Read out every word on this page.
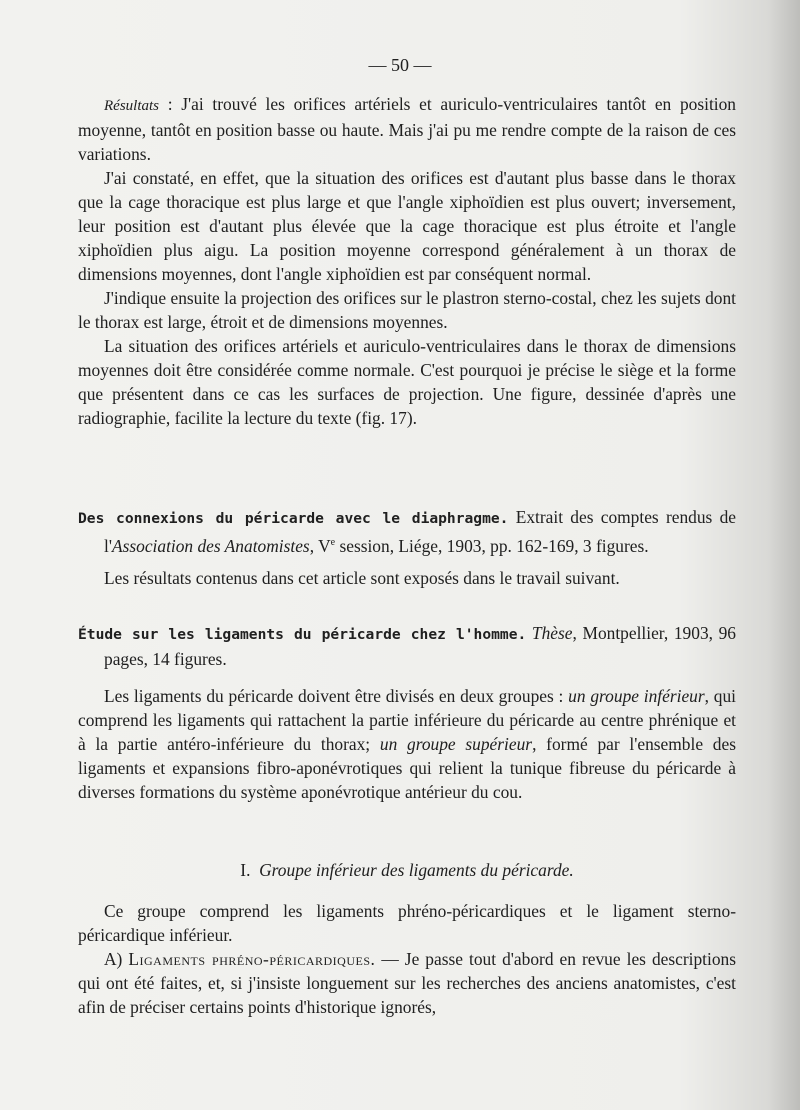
— 50 —

Résultats : J'ai trouvé les orifices artériels et auriculo-ventriculaires tantôt en position moyenne, tantôt en position basse ou haute. Mais j'ai pu me rendre compte de la raison de ces variations.

J'ai constaté, en effet, que la situation des orifices est d'autant plus basse dans le thorax que la cage thoracique est plus large et que l'angle xiphoïdien est plus ouvert; inversement, leur position est d'autant plus élevée que la cage thoracique est plus étroite et l'angle xiphoïdien plus aigu. La position moyenne correspond généralement à un thorax de dimensions moyennes, dont l'angle xiphoïdien est par conséquent normal.

J'indique ensuite la projection des orifices sur le plastron sterno-costal, chez les sujets dont le thorax est large, étroit et de dimensions moyennes.

La situation des orifices artériels et auriculo-ventriculaires dans le thorax de dimensions moyennes doit être considérée comme normale. C'est pourquoi je précise le siège et la forme que présentent dans ce cas les surfaces de projection. Une figure, dessinée d'après une radiographie, facilite la lecture du texte (fig. 17).

Des connexions du péricarde avec le diaphragme. Extrait des comptes rendus de l'Association des Anatomistes, Ve session, Liége, 1903, pp. 162-169, 3 figures.

Les résultats contenus dans cet article sont exposés dans le travail suivant.

Étude sur les ligaments du péricarde chez l'homme. Thèse, Montpellier, 1903, 96 pages, 14 figures.

Les ligaments du péricarde doivent être divisés en deux groupes : un groupe inférieur, qui comprend les ligaments qui rattachent la partie inférieure du péricarde au centre phrénique et à la partie antéro-inférieure du thorax; un groupe supérieur, formé par l'ensemble des ligaments et expansions fibro-aponévrotiques qui relient la tunique fibreuse du péricarde à diverses formations du système aponévrotique antérieur du cou.

I. Groupe inférieur des ligaments du péricarde.

Ce groupe comprend les ligaments phréno-péricardiques et le ligament sterno-péricardique inférieur.

A) Ligaments phréno-péricardiques. — Je passe tout d'abord en revue les descriptions qui ont été faites, et, si j'insiste longuement sur les recherches des anciens anatomistes, c'est afin de préciser certains points d'historique ignorés,
